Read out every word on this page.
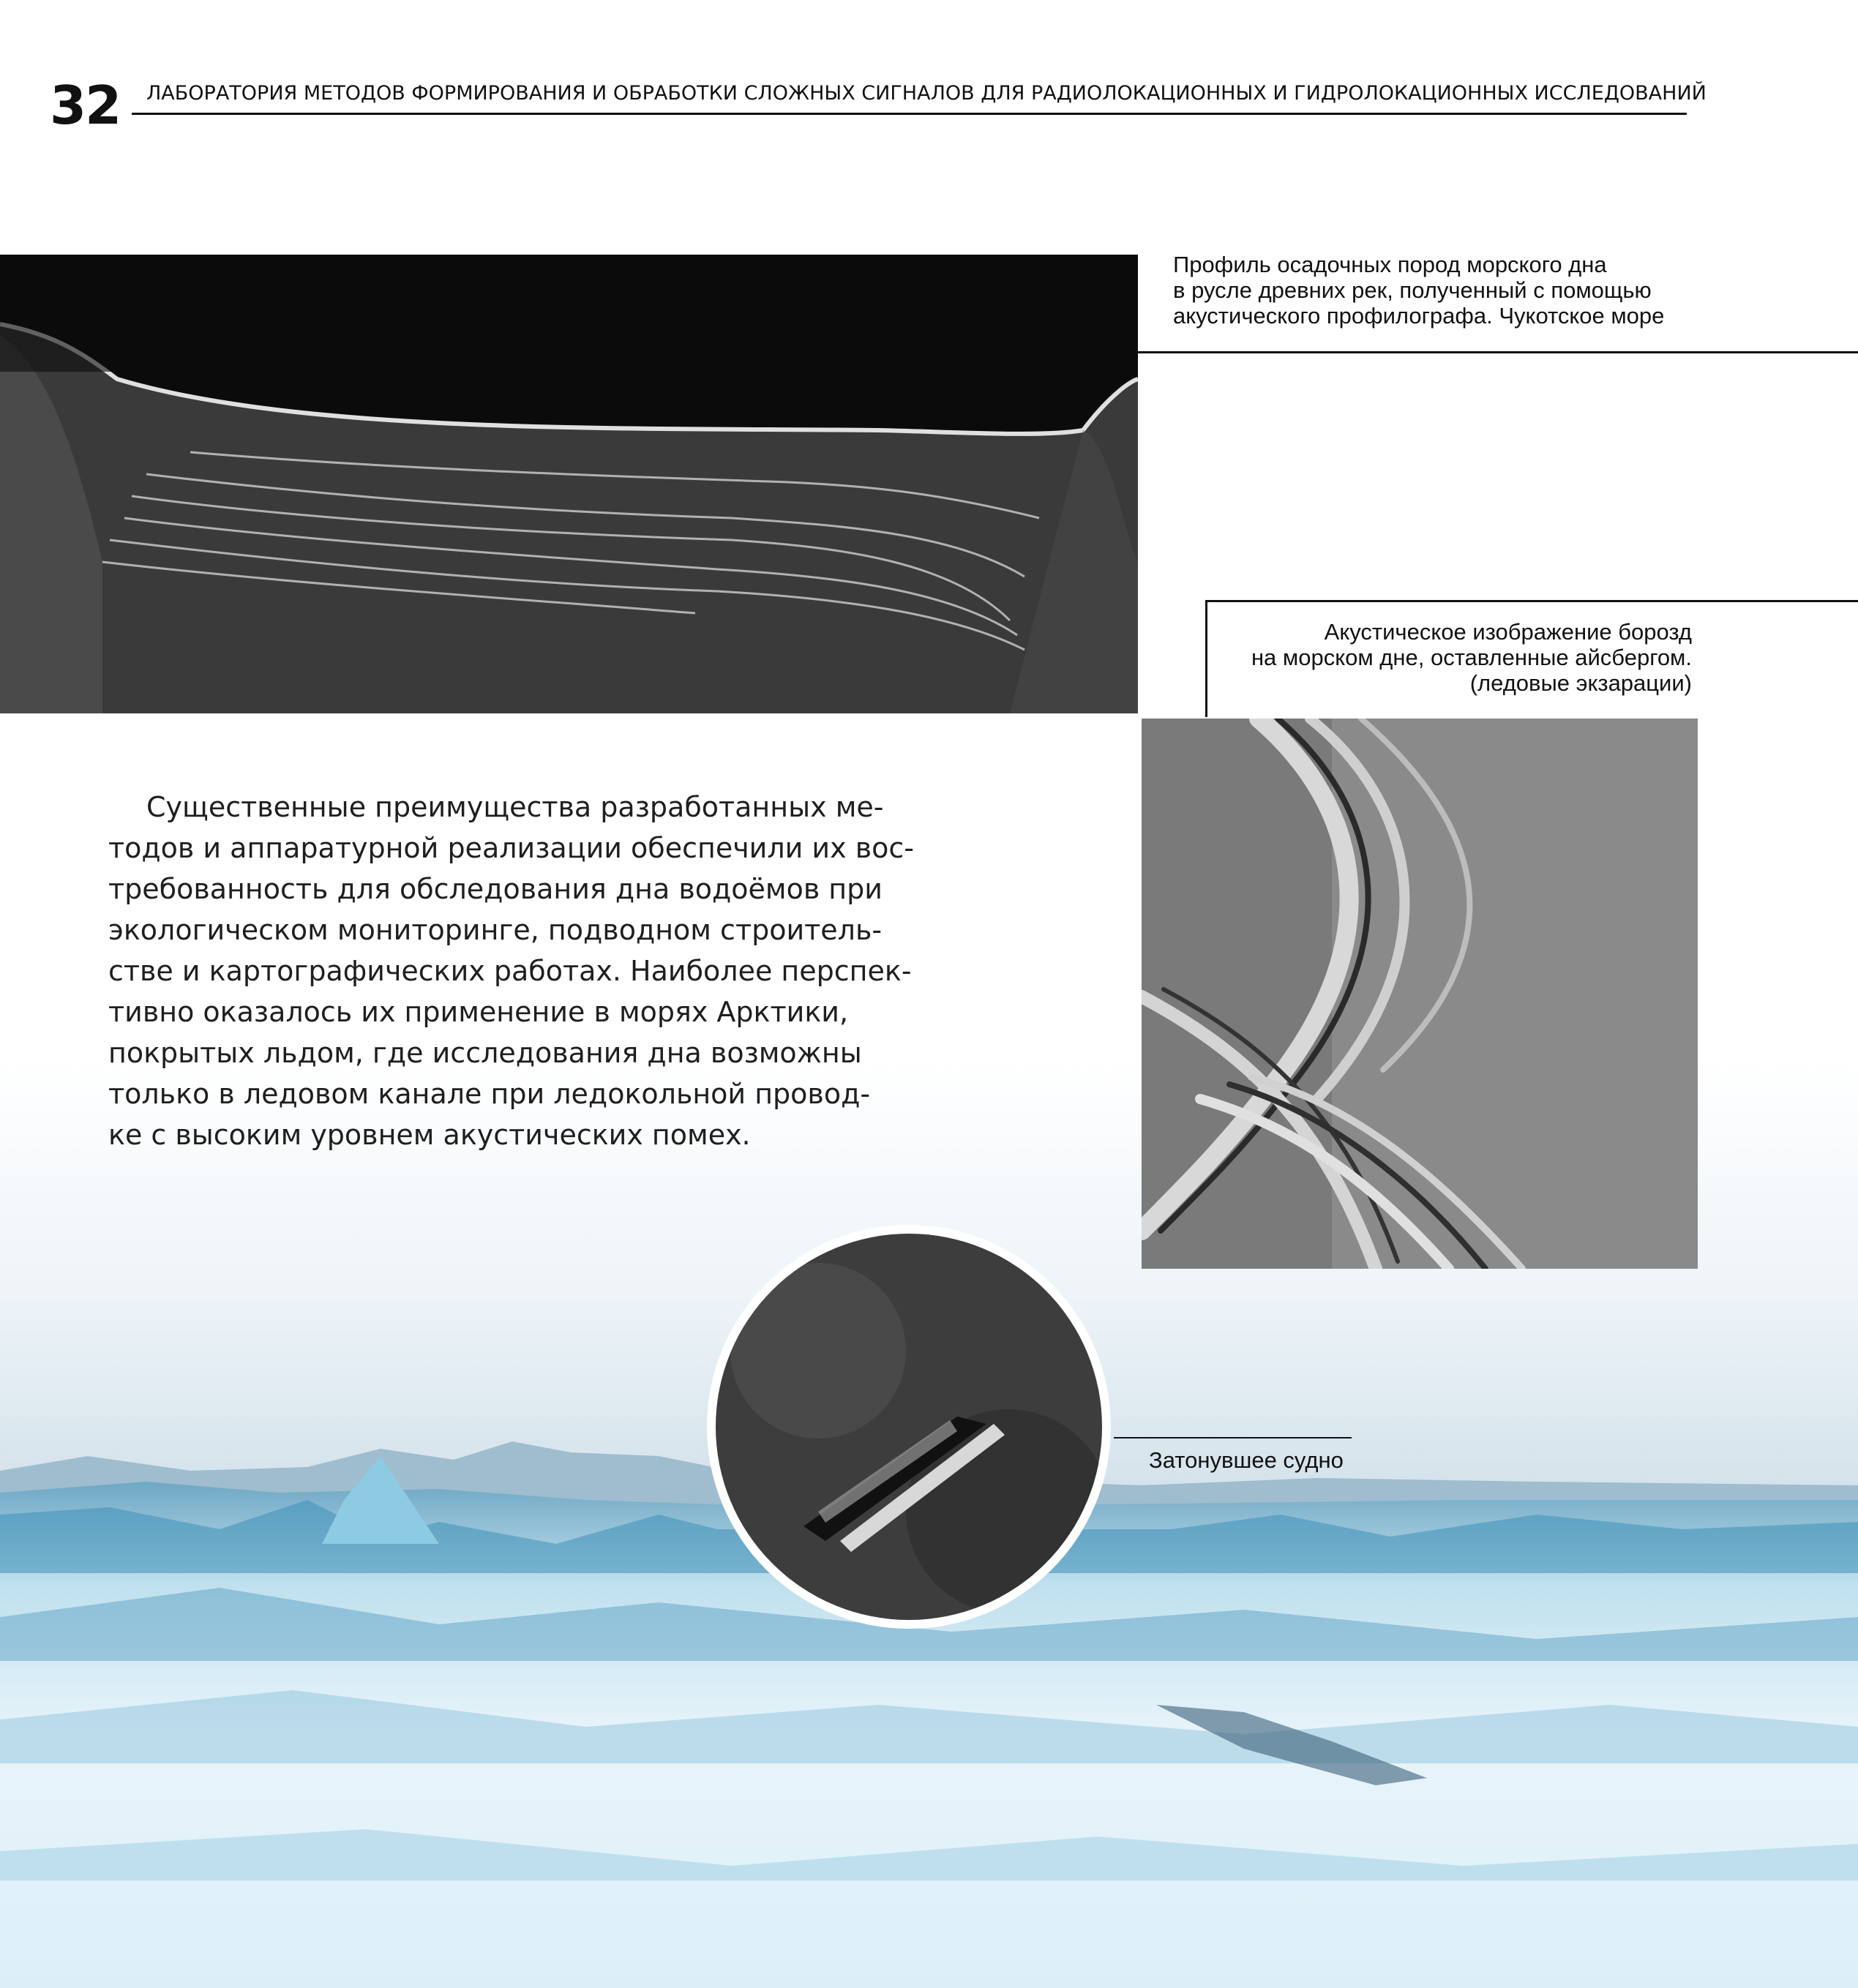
32 ЛАБОРАТОРИЯ МЕТОДОВ ФОРМИРОВАНИЯ И ОБРАБОТКИ СЛОЖНЫХ СИГНАЛОВ ДЛЯ РАДИОЛОКАЦИОННЫХ И ГИДРОЛОКАЦИОННЫХ ИССЛЕДОВАНИЙ
Профиль осадочных пород морского дна
в русле древних рек, полученный с помощью
акустического профилографа. Чукотское море
Акустическое изображение борозд
на морском дне, оставленные айсбергом.
(ледовые экзарации)
Существенные преимущества разработанных ме-
тодов и аппаратурной реализации обеспечили их вос-
требованность для обследования дна водоёмов при
экологическом мониторинге, подводном строитель-
стве и картографических работах. Наиболее перспек-
тивно оказалось их применение в морях Арктики,
покрытых льдом, где исследования дна возможны
только в ледовом канале при ледокольной провод-
ке с высоким уровнем акустических помех.
Затонувшее судно
